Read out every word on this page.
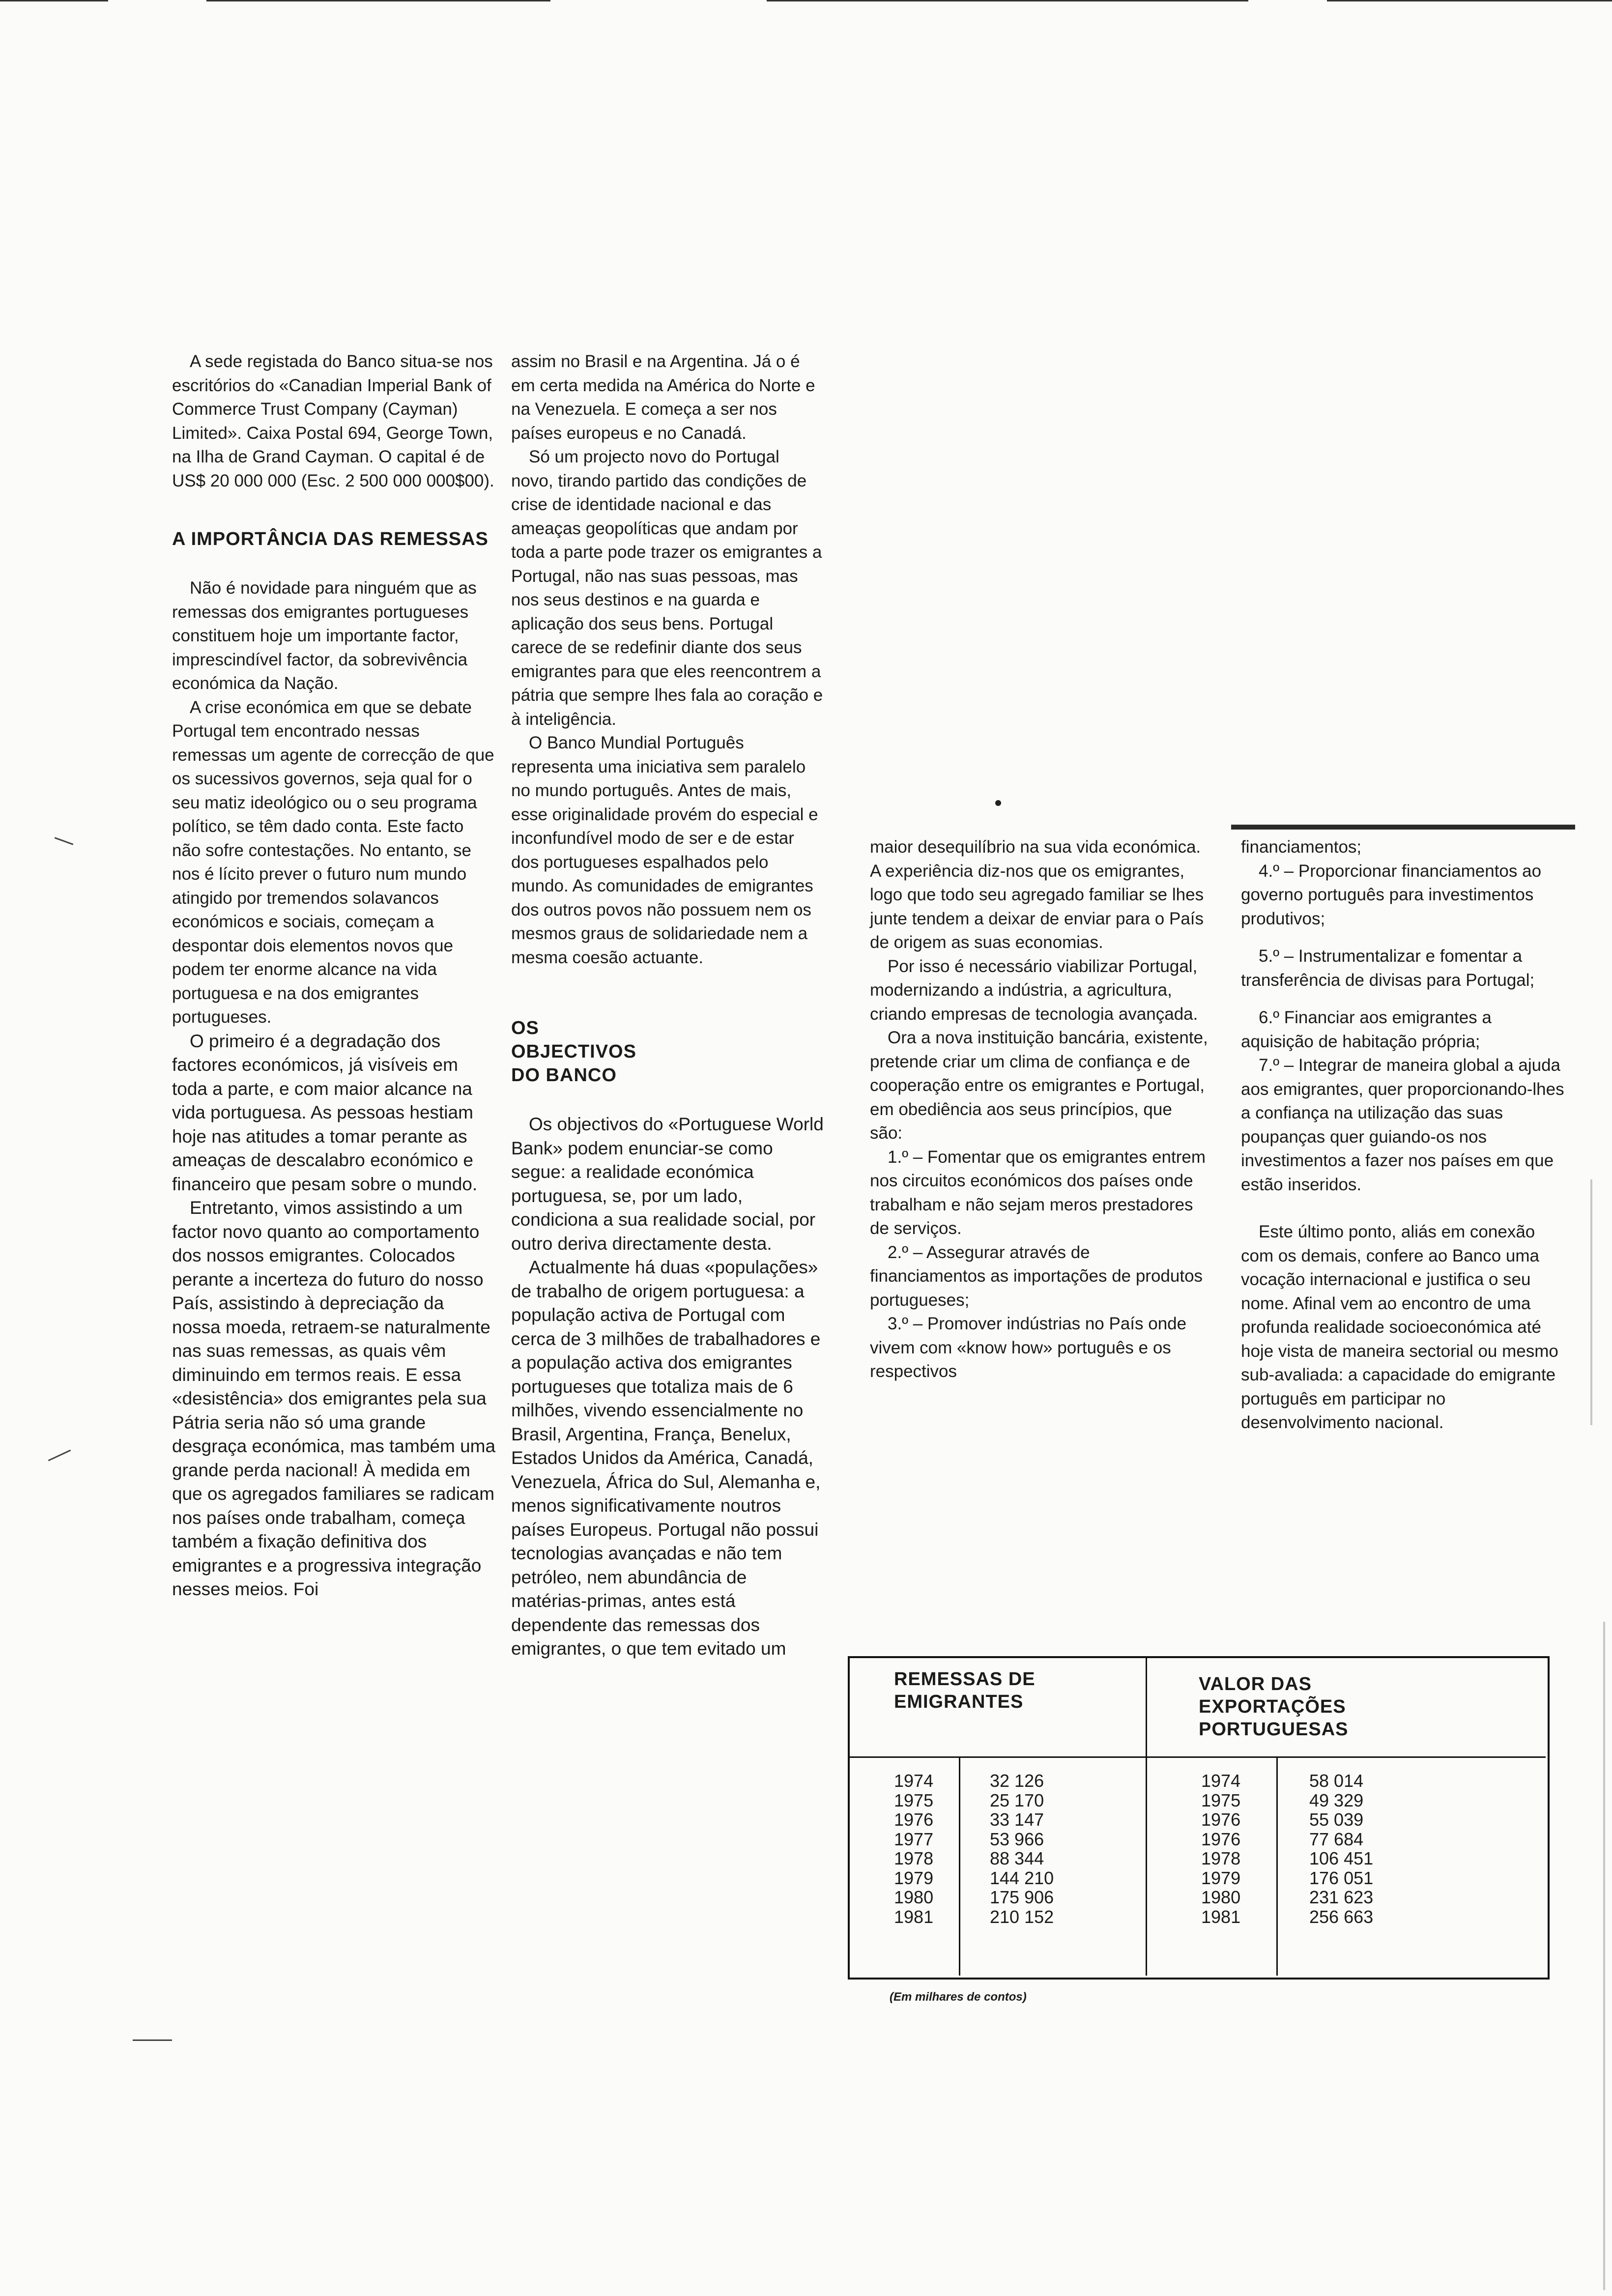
A sede registada do Banco situa-se nos escritórios do «Canadian Imperial Bank of Commerce Trust Company (Cayman) Limited». Caixa Postal 694, George Town, na Ilha de Grand Cayman. O capital é de US$ 20 000 000 (Esc. 2 500 000 000$00).

A IMPORTÂNCIA DAS REMESSAS

Não é novidade para ninguém que as remessas dos emigrantes portugueses constituem hoje um importante factor, imprescindível factor, da sobrevivência económica da Nação.

A crise económica em que se debate Portugal tem encontrado nessas remessas um agente de correcção de que os sucessivos governos, seja qual for o seu matiz ideológico ou o seu programa político, se têm dado conta. Este facto não sofre contestações. No entanto, se nos é lícito prever o futuro num mundo atingido por tremendos solavancos económicos e sociais, começam a despontar dois elementos novos que podem ter enorme alcance na vida portuguesa e na dos emigrantes portugueses.

O primeiro é a degradação dos factores económicos, já visíveis em toda a parte, e com maior alcance na vida portuguesa. As pessoas hestiam hoje nas atitudes a tomar perante as ameaças de descalabro económico e financeiro que pesam sobre o mundo.

Entretanto, vimos assistindo a um factor novo quanto ao comportamento dos nossos emigrantes. Colocados perante a incerteza do futuro do nosso País, assistindo à depreciação da nossa moeda, retraem-se naturalmente nas suas remessas, as quais vêm diminuindo em termos reais. E essa «desistência» dos emigrantes pela sua Pátria seria não só uma grande desgraça económica, mas também uma grande perda nacional! À medida em que os agregados familiares se radicam nos países onde trabalham, começa também a fixação definitiva dos emigrantes e a progressiva integração nesses meios. Foi

assim no Brasil e na Argentina. Já o é em certa medida na América do Norte e na Venezuela. E começa a ser nos países europeus e no Canadá.

Só um projecto novo do Portugal novo, tirando partido das condições de crise de identidade nacional e das ameaças geopolíticas que andam por toda a parte pode trazer os emigrantes a Portugal, não nas suas pessoas, mas nos seus destinos e na guarda e aplicação dos seus bens. Portugal carece de se redefinir diante dos seus emigrantes para que eles reencontrem a pátria que sempre lhes fala ao coração e à inteligência.

O Banco Mundial Português representa uma iniciativa sem paralelo no mundo português. Antes de mais, esse originalidade provém do especial e inconfundível modo de ser e de estar dos portugueses espalhados pelo mundo. As comunidades de emigrantes dos outros povos não possuem nem os mesmos graus de solidariedade nem a mesma coesão actuante.

OS OBJECTIVOS DO BANCO

Os objectivos do «Portuguese World Bank» podem enunciar-se como segue: a realidade económica portuguesa, se, por um lado, condiciona a sua realidade social, por outro deriva directamente desta.

Actualmente há duas «populações» de trabalho de origem portuguesa: a população activa de Portugal com cerca de 3 milhões de trabalhadores e a população activa dos emigrantes portugueses que totaliza mais de 6 milhões, vivendo essencialmente no Brasil, Argentina, França, Benelux, Estados Unidos da América, Canadá, Venezuela, África do Sul, Alemanha e, menos significativamente noutros países Europeus. Portugal não possui tecnologias avançadas e não tem petróleo, nem abundância de matérias-primas, antes está dependente das remessas dos emigrantes, o que tem evitado um

maior desequilíbrio na sua vida económica. A experiência diz-nos que os emigrantes, logo que todo seu agregado familiar se lhes junte tendem a deixar de enviar para o País de origem as suas economias.

Por isso é necessário viabilizar Portugal, modernizando a indústria, a agricultura, criando empresas de tecnologia avançada.

Ora a nova instituição bancária, existente, pretende criar um clima de confiança e de cooperação entre os emigrantes e Portugal, em obediência aos seus princípios, que são:

1.º – Fomentar que os emigrantes entrem nos circuitos económicos dos países onde trabalham e não sejam meros prestadores de serviços.

2.º – Assegurar através de financiamentos as importações de produtos portugueses;

3.º – Promover indústrias no País onde vivem com «know how» português e os respectivos

financiamentos;

4.º – Proporcionar financiamentos ao governo português para investimentos produtivos;

5.º – Instrumentalizar e fomentar a transferência de divisas para Portugal;

6.º Financiar aos emigrantes a aquisição de habitação própria;

7.º – Integrar de maneira global a ajuda aos emigrantes, quer proporcionando-lhes a confiança na utilização das suas poupanças quer guiando-os nos investimentos a fazer nos países em que estão inseridos.

Este último ponto, aliás em conexão com os demais, confere ao Banco uma vocação internacional e justifica o seu nome. Afinal vem ao encontro de uma profunda realidade socioeconómica até hoje vista de maneira sectorial ou mesmo sub-avaliada: a capacidade do emigrante português em participar no desenvolvimento nacional.

REMESSAS DE EMIGRANTES
VALOR DAS EXPORTAÇÕES PORTUGUESAS
1974
1975
1976
1977
1978
1979
1980
1981
32 126
25 170
33 147
53 966
88 344
144 210
175 906
210 152
1974
1975
1976
1976
1978
1979
1980
1981
58 014
49 329
55 039
77 684
106 451
176 051
231 623
256 663
(Em milhares de contos)
